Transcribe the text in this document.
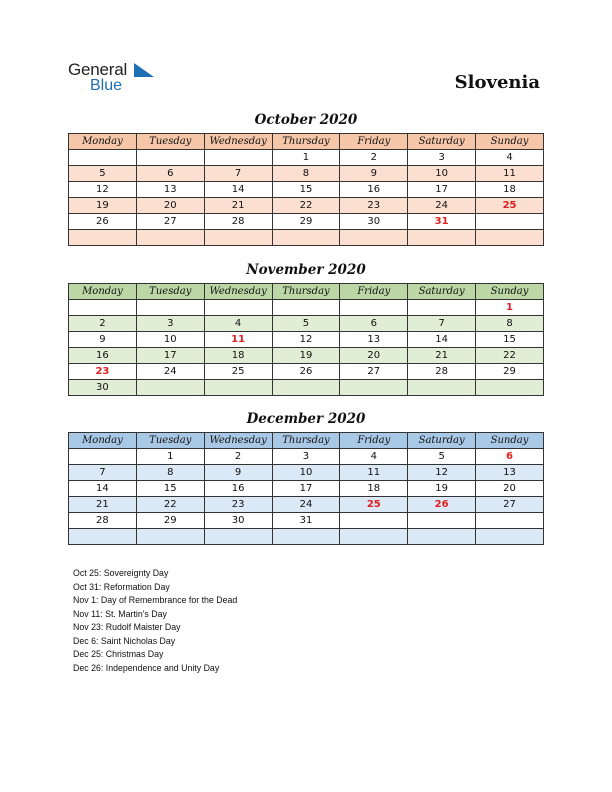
General
Blue	Slovenia
October 2020
Monday	Tuesday	Wednesday	Thursday	Friday	Saturday	Sunday
			1	2	3	4
5	6	7	8	9	10	11
12	13	14	15	16	17	18
19	20	21	22	23	24	25
26	27	28	29	30	31	

November 2020
Monday	Tuesday	Wednesday	Thursday	Friday	Saturday	Sunday
						1
2	3	4	5	6	7	8
9	10	11	12	13	14	15
16	17	18	19	20	21	22
23	24	25	26	27	28	29
30						
December 2020
Monday	Tuesday	Wednesday	Thursday	Friday	Saturday	Sunday
	1	2	3	4	5	6
7	8	9	10	11	12	13
14	15	16	17	18	19	20
21	22	23	24	25	26	27
28	29	30	31			

Oct 25: Sovereignty Day
Oct 31: Reformation Day
Nov 1: Day of Remembrance for the Dead
Nov 11: St. Martin's Day
Nov 23: Rudolf Maister Day
Dec 6: Saint Nicholas Day
Dec 25: Christmas Day
Dec 26: Independence and Unity Day
